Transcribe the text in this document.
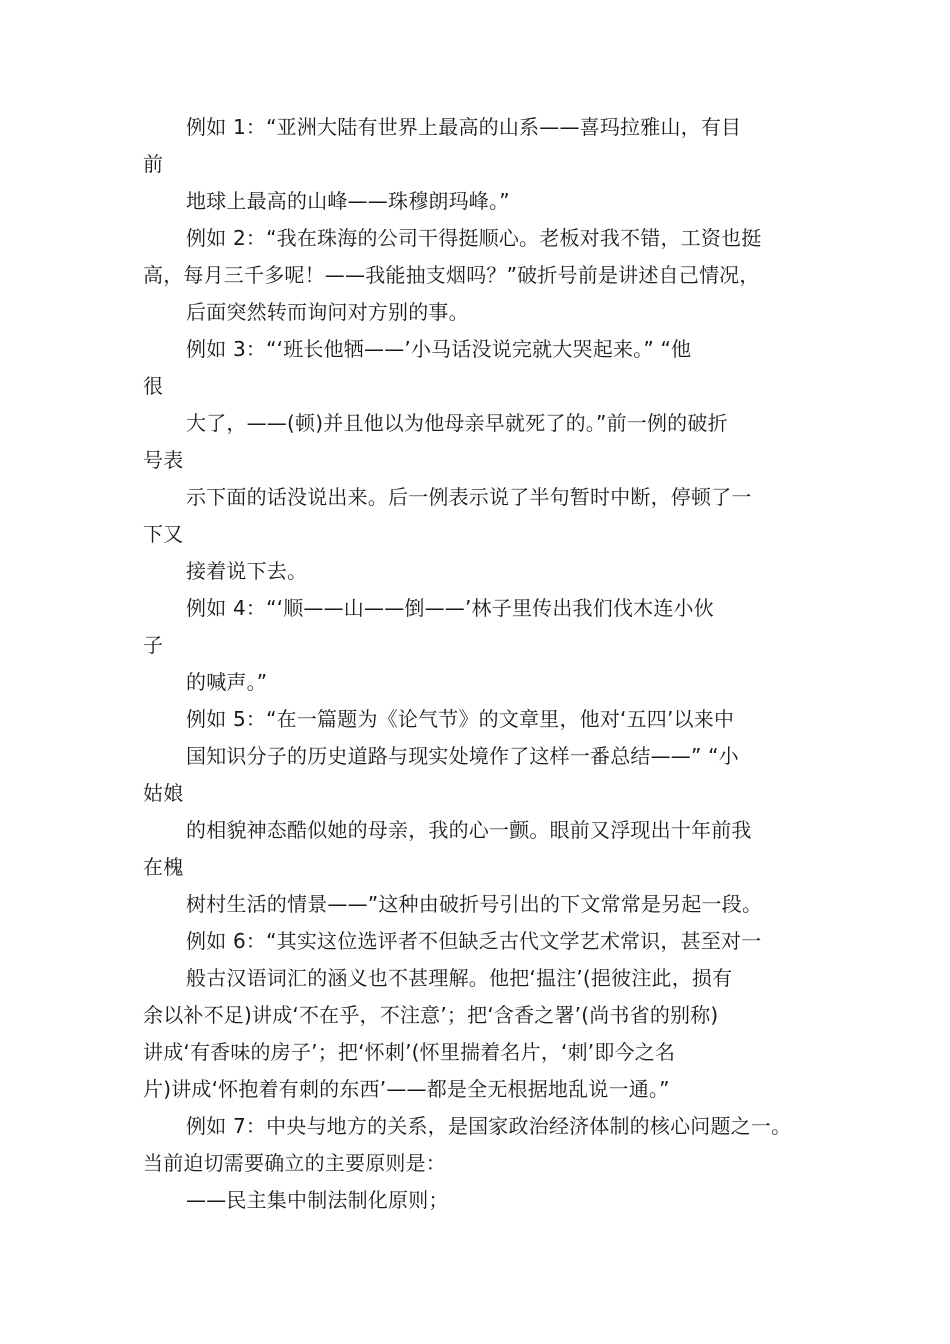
例如 1：“亚洲大陆有世界上最高的山系——喜玛拉雅山，有目
前
地球上最高的山峰——珠穆朗玛峰。”
例如 2：“我在珠海的公司干得挺顺心。老板对我不错，工资也挺
高，每月三千多呢！——我能抽支烟吗？”破折号前是讲述自己情况，
后面突然转而询问对方别的事。
例如 3：“‘班长他牺——’小马话没说完就大哭起来。” “他
很
大了，——(顿)并且他以为他母亲早就死了的。”前一例的破折
号表
示下面的话没说出来。后一例表示说了半句暂时中断，停顿了一
下又
接着说下去。
例如 4：“‘顺——山——倒——’林子里传出我们伐木连小伙
子
的喊声。”
例如 5：“在一篇题为《论气节》的文章里，他对‘五四’以来中
国知识分子的历史道路与现实处境作了这样一番总结——” “小
姑娘
的相貌神态酷似她的母亲，我的心一颤。眼前又浮现出十年前我
在槐
树村生活的情景——”这种由破折号引出的下文常常是另起一段。
例如 6：“其实这位选评者不但缺乏古代文学艺术常识，甚至对一
般古汉语词汇的涵义也不甚理解。他把‘揾注’(挹彼注此，损有
余以补不足)讲成‘不在乎，不注意’；把‘含香之署’(尚书省的别称)
讲成‘有香味的房子’；把‘怀刺’(怀里揣着名片，‘刺’即今之名
片)讲成‘怀抱着有刺的东西’——都是全无根据地乱说一通。”
例如 7：中央与地方的关系，是国家政治经济体制的核心问题之一。
当前迫切需要确立的主要原则是：
——民主集中制法制化原则；
